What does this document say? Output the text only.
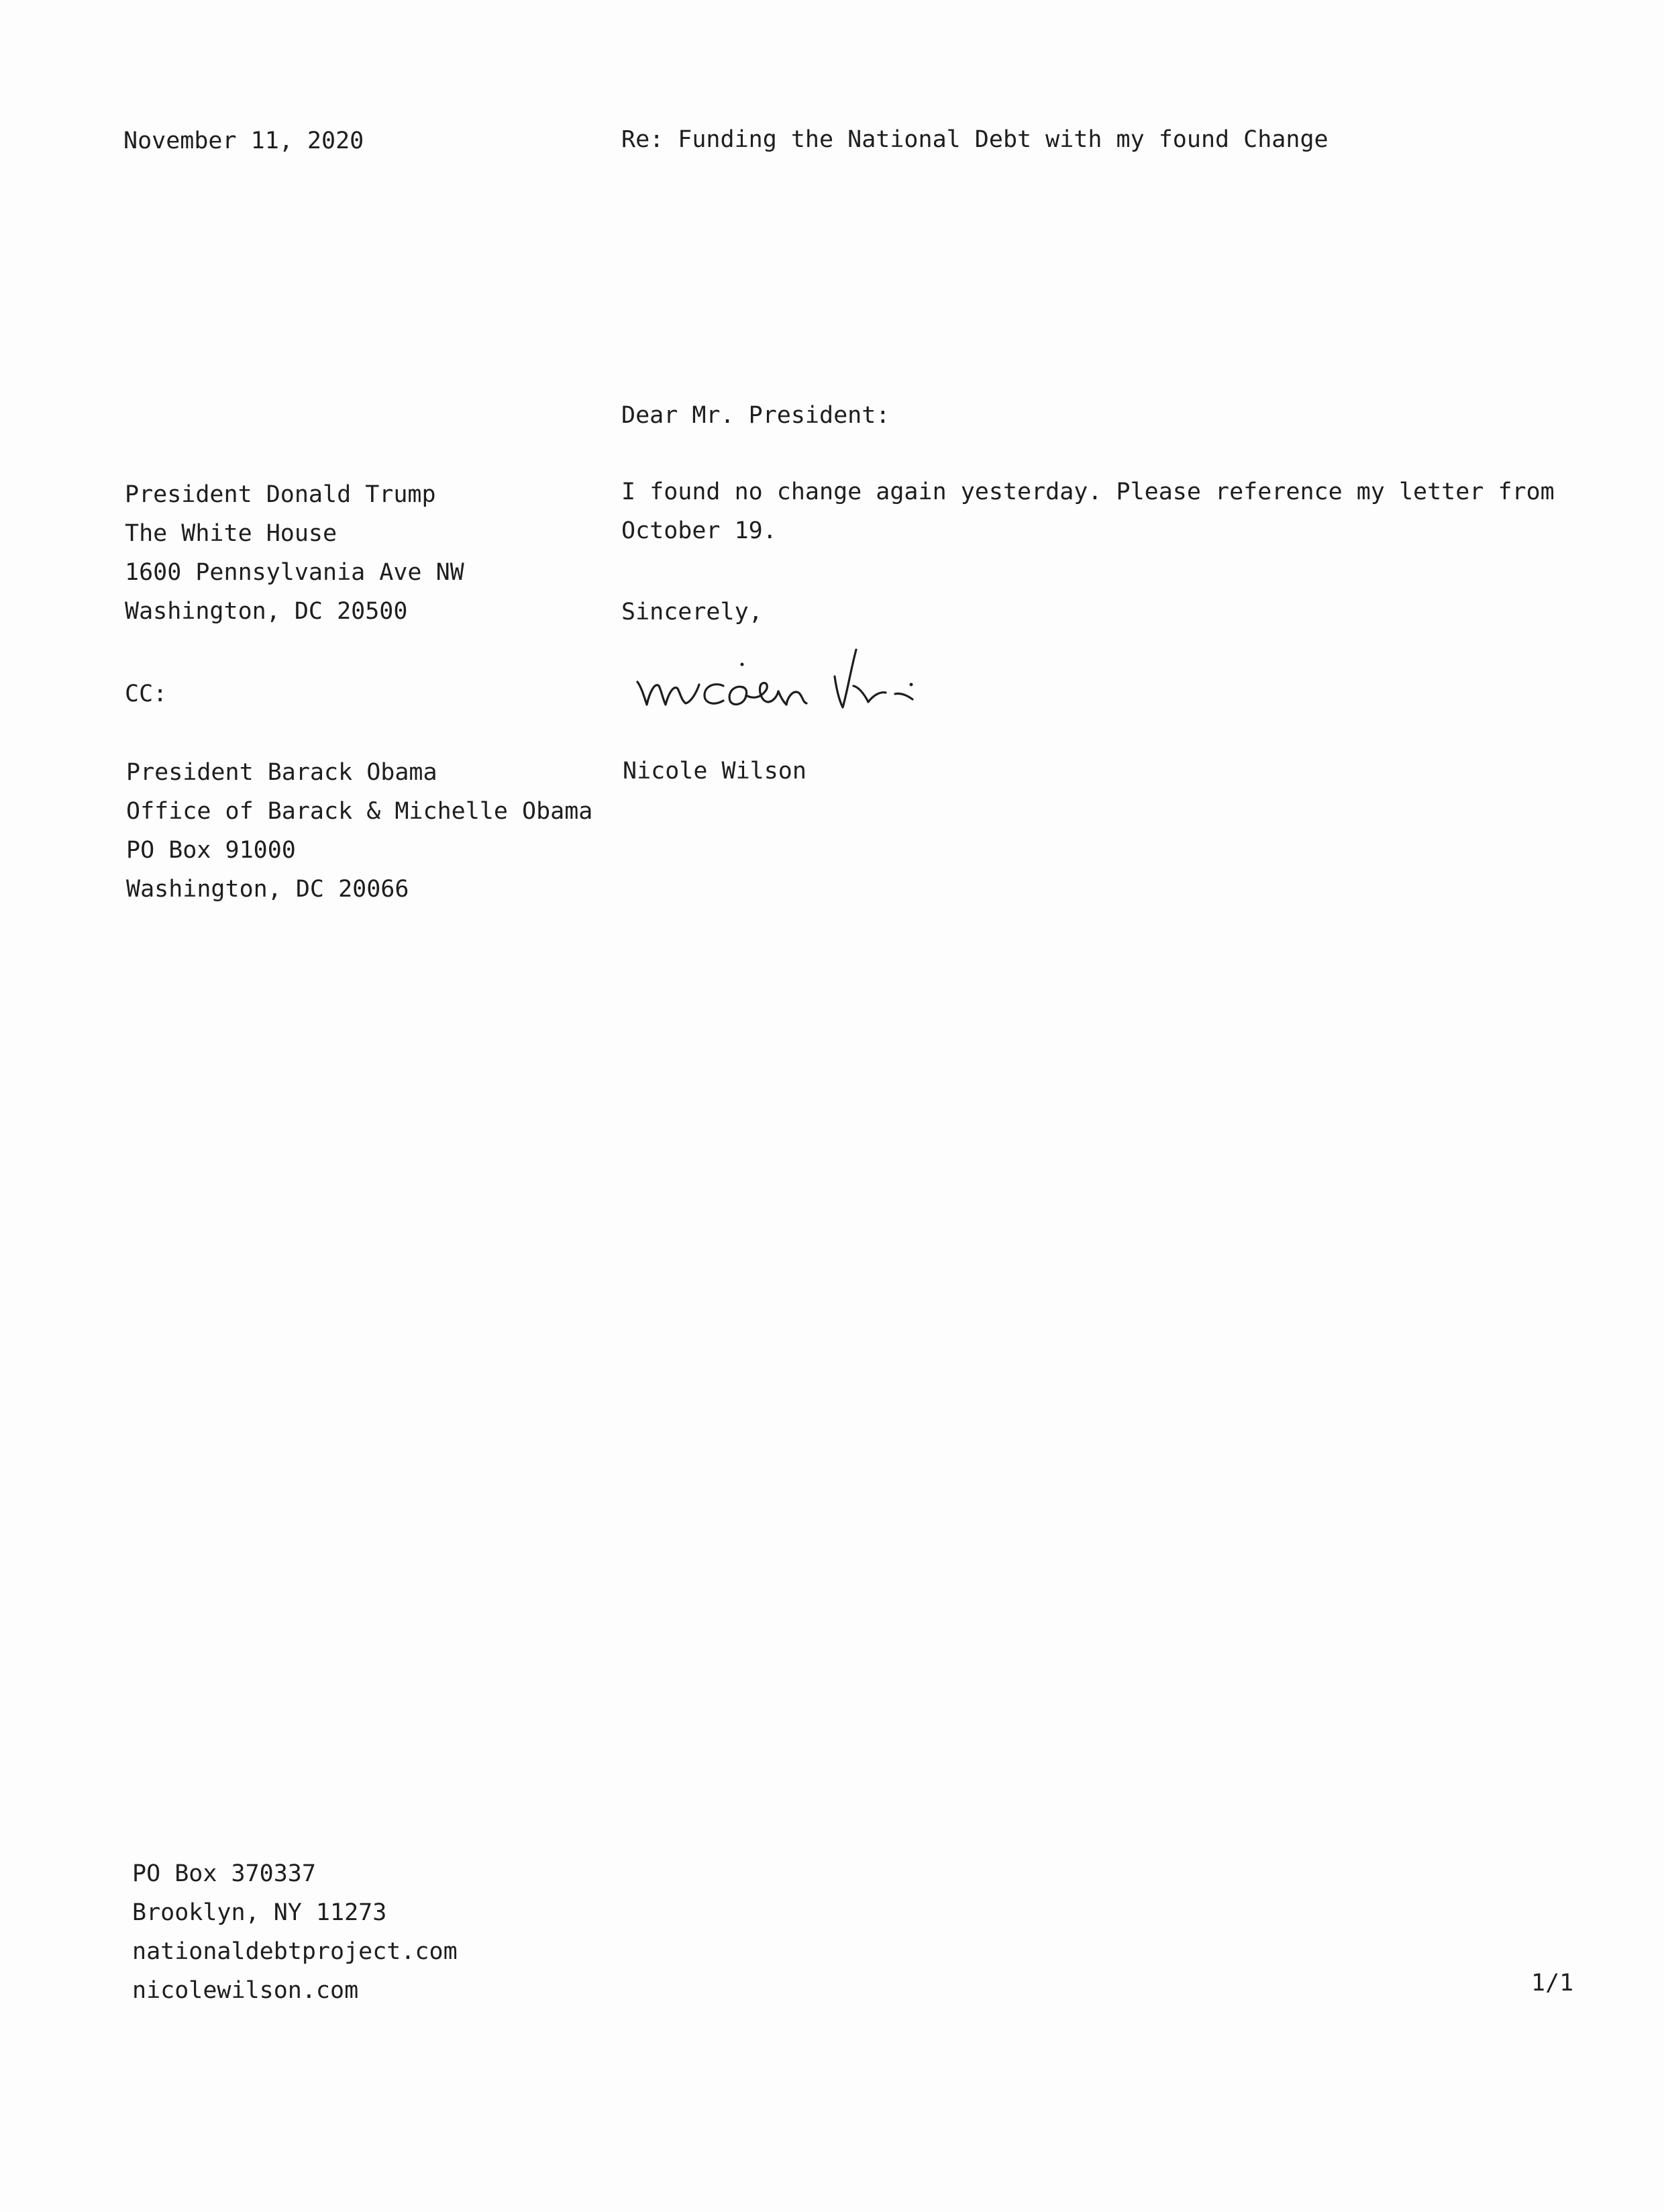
November 11, 2020	Re: Funding the National Debt with my found Change
Dear Mr. President:
President Donald Trump
The White House
1600 Pennsylvania Ave NW
Washington, DC 20500
I found no change again yesterday. Please reference my letter from
October 19.
Sincerely,
CC:
Nicole Wilson
President Barack Obama
Office of Barack & Michelle Obama
PO Box 91000
Washington, DC 20066
PO Box 370337
Brooklyn, NY 11273
nationaldebtproject.com
nicolewilson.com	1/1
